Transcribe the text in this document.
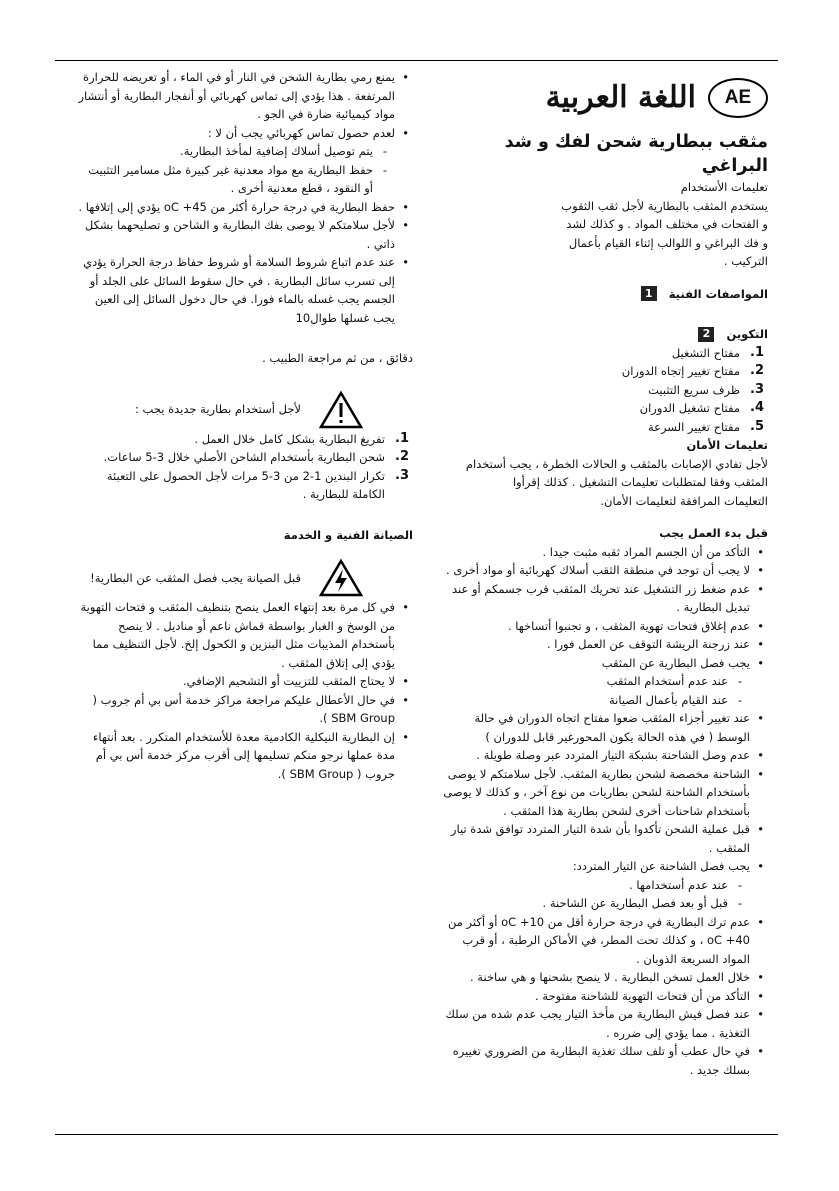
AE
اللغة العربية
مثقب ببطارية شحن لفك و شد البراغي

تعليمات الأستخدام

يستخدم المثقب بالبطارية لأجل ثقب الثقوب

و الفتحات في مختلف المواد . و كذلك لشد

و فك البراغي و اللوالب إثناء القيام بأعمال

التركيب .

المواصفات الفنية
1
التكوين
2
1.
مفتاح التشغيل
2.
مفتاح تغيير إتجاه الدوران
3.
ظرف سريع التثبيت
4.
مفتاح تشغيل الدوران
5.
مفتاح تغيير السرعة

تعليمات الأمان

لأجل تفادي الإصابات بالمثقب و الحالات الخطرة ، يجب أستخدام

المثقب وفقا لمتطلبات تعليمات التشغيل . كذلك إقرأوا

التعليمات المرافقة لتعليمات الأمان.

قبل بدء العمل يجب

• التأكد من أن الجسم المراد ثقبه مثبت جيدا .
• لا يجب أن توجد في منطقة الثقب أسلاك كهربائية أو مواد أخرى .
• عدم ضغط زر التشغيل عند تحريك المثقب قرب جسمكم أو عند تبديل البطارية .
• عدم إغلاق فتحات تهوية المثقب ، و تجنبوا أتساخها .
• عند زرجنة الريشة التوقف عن العمل فورا .
• يجب فصل البطارية عن المثقب
- عند عدم أستخدام المثقب
- عند القيام بأعمال الصيانة
• عند تغيير أجزاء المثقب ضعوا مفتاح اتجاه الدوران في حالة الوسط ( في هذه الحالة يكون المحورغير قابل للدوران )
• عدم وصل الشاحنة بشبكة التيار المتردد عبر وصلة طويلة .
• الشاحنة مخصصة لشحن بطارية المثقب. لأجل سلامتكم لا يوصى بأستخدام الشاحنة لشحن بطاريات من نوع آخر ، و كذلك لا يوصى بأستخدام شاحنات أخرى لشحن بطارية هذا المثقب .
• قبل عملية الشحن تأكدوا بأن شدة التيار المتردد توافق شدة تيار المثقب .
• يجب فصل الشاحنة عن التيار المتردد:
- عند عدم أستخدامها .
- قبل أو بعد فصل البطارية عن الشاحنة .
• عدم ترك البطارية في درجة حرارة أقل من 10+ oC أو أكثر من 40+ oC ، و كذلك تحت المطر، في الأماكن الرطبة ، أو قرب المواد السريعة الذوبان .
• خلال العمل تسخن البطارية . لا ينصح بشحنها و هي ساخنة .
• التأكد من أن فتحات التهوية للشاحنة مفتوحة .
• عند فصل فيش البطارية من مأخذ التيار يجب عدم شده من سلك التغذية . مما يؤدي إلى ضرره .
• في حال عطب أو تلف سلك تغذية البطارية من الضروري تغييره بسلك جديد .
• يمنع رمي بطارية الشحن في النار أو في الماء ، أو تعريضه للحرارة المرتفعة . هذا يؤدي إلى تماس كهربائي أو أنفجار البطارية أو أنتشار مواد كيميائية ضارة في الجو .
• لعدم حصول تماس كهربائي يجب أن لا :
- يتم توصيل أسلاك إضافية لمأخذ البطارية.
- حفظ البطارية مع مواد معدنية غير كبيرة مثل مسامير التثبيت أو النقود ، قطع معدنية أخرى .
• حفظ البطارية في درجة حرارة أكثر من 45+ oC يؤدي إلى إتلافها .
• لأجل سلامتكم لا يوصى بفك البطارية و الشاحن و تصليحهما بشكل ذاتي .
• عند عدم اتباع شروط السلامة أو شروط حفاظ درجة الحرارة يؤدي إلى تسرب سائل البطارية . في حال سقوط السائل على الجلد أو الجسم يجب غسله بالماء فورا. في حال دخول السائل إلى العين يجب غسلها طوال10

دقائق ، من ثم مراجعة الطبيب .

لأجل أستخدام بطارية جديدة يجب :
1.
تفريغ البطارية بشكل كامل خلال العمل .
2.
شحن البطارية بأستخدام الشاحن الأصلي خلال 3-5 ساعات.
3.
تكرار البندين 1-2 من 3-5 مرات لأجل الحصول على التعبئة الكاملة للبطارية .

الصيانة الفنية و الخدمة

قبل الصيانة يجب فصل المثقب عن البطارية!
• في كل مرة بعد إنتهاء العمل ينصح بتنظيف المثقب و فتحات التهوية من الوسخ و الغبار بواسطة قماش ناعم أو مناديل . لا ينصح بأستخدام المذيبات مثل البنزين و الكحول إلخ. لأجل التنظيف مما يؤدي إلى إتلاق المثقب .
• لا يحتاج المثقب للتزييت أو التشحيم الإضافي.
• في حال الأعطال عليكم مراجعة مراكز خدمة أس بي أم جروب ( SBM Group ).
• إن البطارية النيكلية الكادمية معدة للأستخدام المتكرر . بعد أنتهاء مدة عملها نرجو منكم تسليمها إلى أقرب مركز خدمة أس بي أم جروب ( SBM Group ).
